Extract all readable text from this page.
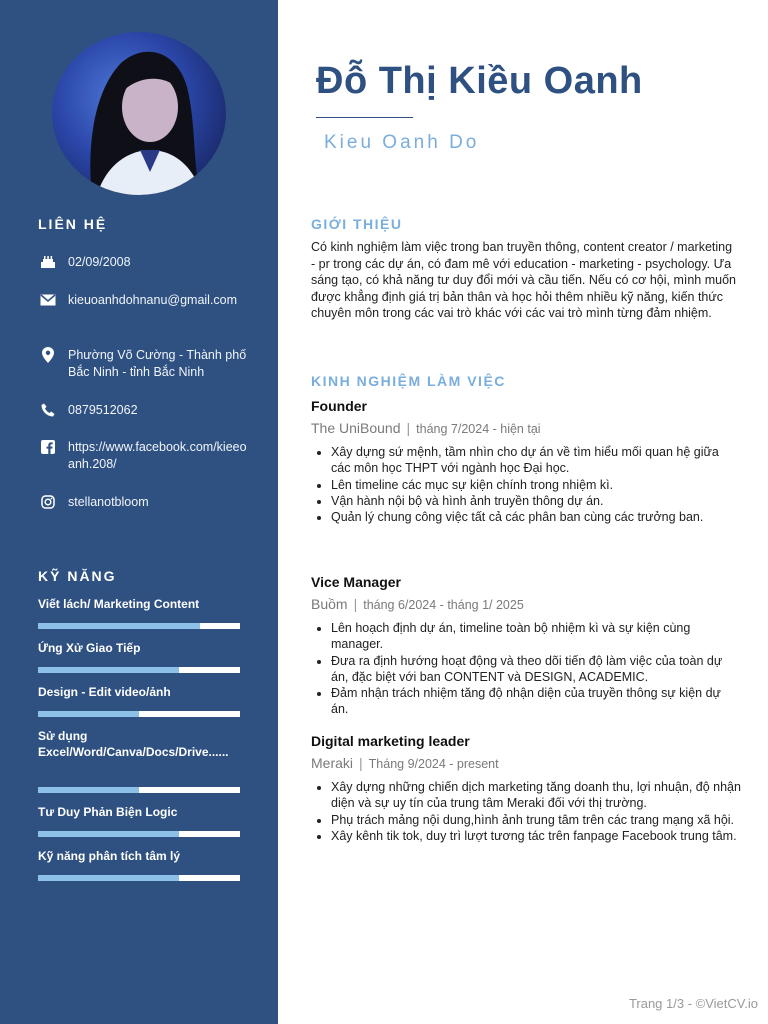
LIÊN HỆ
02/09/2008
kieuoanhdohnanu@gmail.com
Phường Võ Cường - Thành phố Bắc Ninh - tỉnh Bắc Ninh
0879512062
https://www.facebook.com/kieeoanh.208/
stellanotbloom
KỸ NĂNG
Viết lách/ Marketing Content
Ứng Xử Giao Tiếp
Design - Edit video/ảnh
Sử dụng Excel/Word/Canva/Docs/Drive......
Tư Duy Phản Biện Logic
Kỹ năng phân tích tâm lý
Đỗ Thị Kiều Oanh
Kieu Oanh Do
GIỚI THIỆU
Có kinh nghiệm làm việc trong ban truyền thông, content creator / marketing - pr trong các dự án, có đam mê với education - marketing - psychology. Ưa sáng tạo, có khả năng tư duy đổi mới và cầu tiến. Nếu có cơ hội, mình muốn được khẳng định giá trị bản thân và học hỏi thêm nhiều kỹ năng, kiến thức chuyên môn trong các vai trò khác với các vai trò mình từng đảm nhiệm.
KINH NGHIỆM LÀM VIỆC
Founder
The UniBound | tháng 7/2024 - hiện tại
• Xây dựng sứ mệnh, tầm nhìn cho dự án về tìm hiểu mối quan hệ giữa các môn học THPT với ngành học Đại học.
• Lên timeline các mục sự kiện chính trong nhiệm kì.
• Vận hành nội bộ và hình ảnh truyền thông dự án.
• Quản lý chung công việc tất cả các phân ban cùng các trưởng ban.
Vice Manager
Buồm | tháng 6/2024 - tháng 1/ 2025
• Lên hoạch định dự án, timeline toàn bộ nhiệm kì và sự kiện cùng manager.
• Đưa ra định hướng hoạt động và theo dõi tiến độ làm việc của toàn dự án, đặc biệt với ban CONTENT và DESIGN, ACADEMIC.
• Đảm nhận trách nhiệm tăng độ nhận diện của truyền thông sự kiện dự án.
Digital marketing leader
Meraki | Tháng 9/2024 - present
• Xây dựng những chiến dịch marketing tăng doanh thu, lợi nhuận, độ nhận diện và sự uy tín của trung tâm Meraki đối với thị trường.
• Phụ trách mảng nội dung,hình ảnh trung tâm trên các trang mạng xã hội.
• Xây kênh tik tok, duy trì lượt tương tác trên fanpage Facebook trung tâm.
Trang 1/3 - ©VietCV.io
